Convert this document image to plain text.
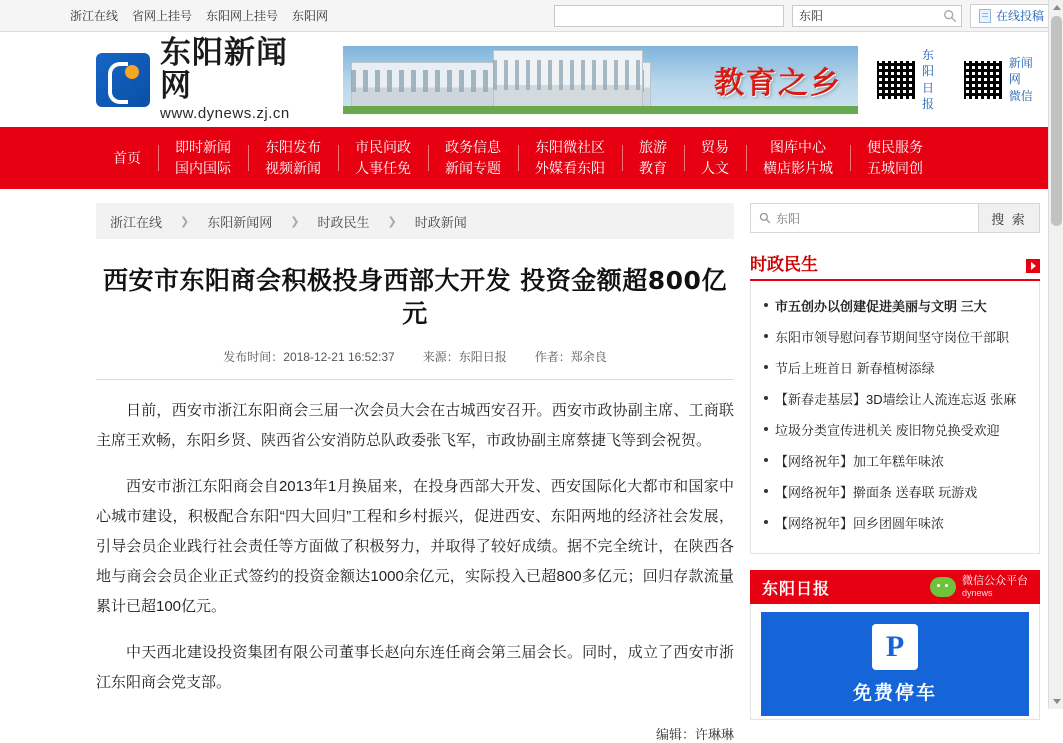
浙江在线 省网上挂号 东阳网上挂号 东阳网	东阳	在线投稿
东阳新闻网
www.dynews.zj.cn
教育之乡
东阳
日报
新闻网
微信
首页
即时新闻
国内国际
东阳发布
视频新闻
市民问政
人事任免
政务信息
新闻专题
东阳微社区
外媒看东阳
旅游
教育
贸易
人文
图库中心
横店影片城
便民服务
五城同创
浙江在线 ❯ 东阳新闻网 ❯ 时政民生 ❯ 时政新闻
西安市东阳商会积极投身西部大开发 投资金额超800亿元
发布时间：2018-12-21 16:52:37 来源：东阳日报 作者：郑余良

日前，西安市浙江东阳商会三届一次会员大会在古城西安召开。西安市政协副主席、工商联主席王欢畅，东阳乡贤、陕西省公安消防总队政委张飞军，市政协副主席蔡捷飞等到会祝贺。

西安市浙江东阳商会自2013年1月换届来，在投身西部大开发、西安国际化大都市和国家中心城市建设，积极配合东阳“四大回归”工程和乡村振兴，促进西安、东阳两地的经济社会发展，引导会员企业践行社会责任等方面做了积极努力，并取得了较好成绩。据不完全统计，在陕西各地与商会会员企业正式签约的投资金额达1000余亿元，实际投入已超800多亿元；回归存款流量累计已超100亿元。

中天西北建设投资集团有限公司董事长赵向东连任商会第三届会长。同时，成立了西安市浙江东阳商会党支部。

编辑：许琳琳
东阳	搜 索
时政民生
市五创办以创建促进美丽与文明 三大
东阳市领导慰问春节期间坚守岗位干部职
节后上班首日 新春植树添绿
【新春走基层】3D墙绘让人流连忘返 张麻
垃圾分类宣传进机关 废旧物兑换受欢迎
【网络祝年】加工年糕年味浓
【网络祝年】擀面条 送春联 玩游戏
【网络祝年】回乡团圆年味浓
东阳日报	微信公众平台
dynews
P
免费停车
